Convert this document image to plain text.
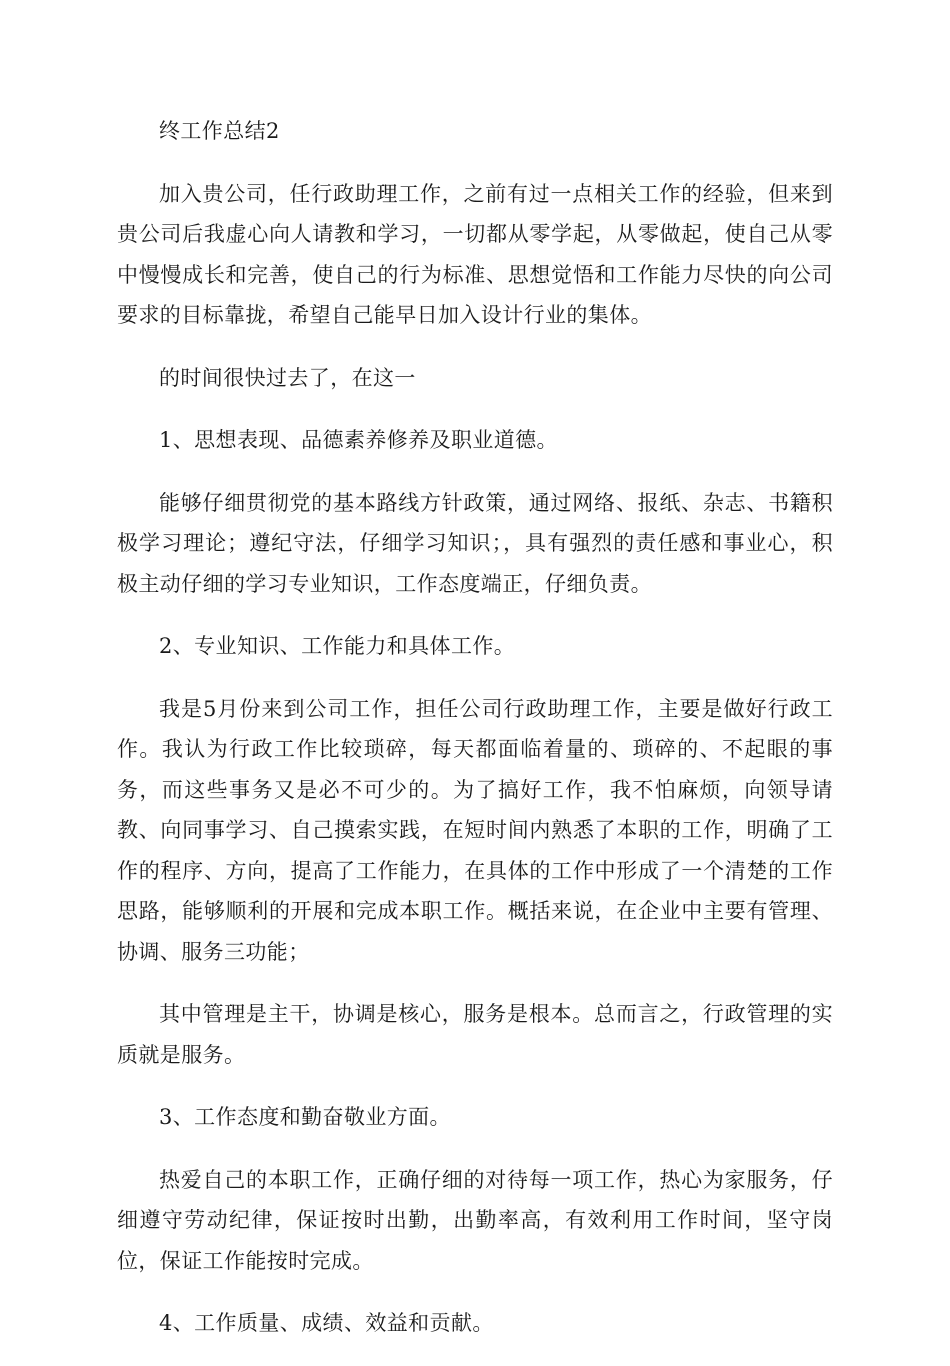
终工作总结2

加入贵公司，任行政助理工作，之前有过一点相关工作的经验，但来到贵公司后我虚心向人请教和学习，一切都从零学起，从零做起，使自己从零中慢慢成长和完善，使自己的行为标准、思想觉悟和工作能力尽快的向公司要求的目标靠拢，希望自己能早日加入设计行业的集体。

的时间很快过去了，在这一

1、思想表现、品德素养修养及职业道德。

能够仔细贯彻党的基本路线方针政策，通过网络、报纸、杂志、书籍积极学习理论；遵纪守法，仔细学习知识；，具有强烈的责任感和事业心，积极主动仔细的学习专业知识，工作态度端正，仔细负责。

2、专业知识、工作能力和具体工作。

我是5月份来到公司工作，担任公司行政助理工作，主要是做好行政工作。我认为行政工作比较琐碎，每天都面临着量的、琐碎的、不起眼的事务，而这些事务又是必不可少的。为了搞好工作，我不怕麻烦，向领导请教、向同事学习、自己摸索实践，在短时间内熟悉了本职的工作，明确了工作的程序、方向，提高了工作能力，在具体的工作中形成了一个清楚的工作思路，能够顺利的开展和完成本职工作。概括来说，在企业中主要有管理、协调、服务三功能；

其中管理是主干，协调是核心，服务是根本。总而言之，行政管理的实质就是服务。

3、工作态度和勤奋敬业方面。

热爱自己的本职工作，正确仔细的对待每一项工作，热心为家服务，仔细遵守劳动纪律，保证按时出勤，出勤率高，有效利用工作时间，坚守岗位，保证工作能按时完成。

4、工作质量、成绩、效益和贡献。
